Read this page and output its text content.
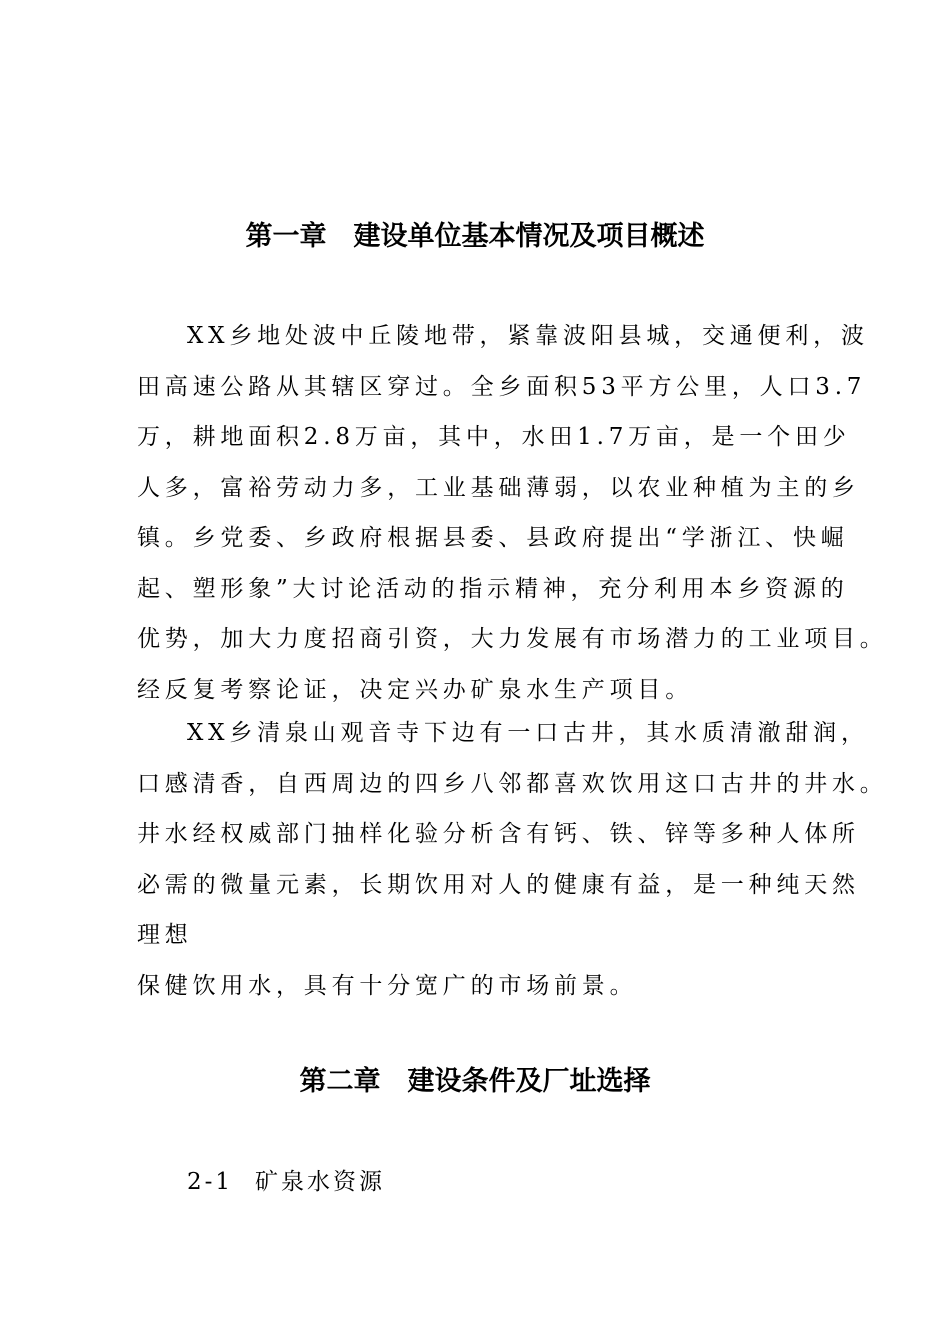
第一章　建设单位基本情况及项目概述
XX乡地处波中丘陵地带，紧靠波阳县城，交通便利，波
田高速公路从其辖区穿过。全乡面积53平方公里，人口3.7
万，耕地面积2.8万亩，其中，水田1.7万亩，是一个田少
人多，富裕劳动力多，工业基础薄弱，以农业种植为主的乡
镇。乡党委、乡政府根据县委、县政府提出“学浙江、快崛
起、塑形象”大讨论活动的指示精神，充分利用本乡资源的
优势，加大力度招商引资，大力发展有市场潜力的工业项目。
经反复考察论证，决定兴办矿泉水生产项目。
XX乡清泉山观音寺下边有一口古井，其水质清澈甜润，
口感清香，自西周边的四乡八邻都喜欢饮用这口古井的井水。
井水经权威部门抽样化验分析含有钙、铁、锌等多种人体所
必需的微量元素，长期饮用对人的健康有益，是一种纯天然
理想
保健饮用水，具有十分宽广的市场前景。
第二章　建设条件及厂址选择
2-1 矿泉水资源
